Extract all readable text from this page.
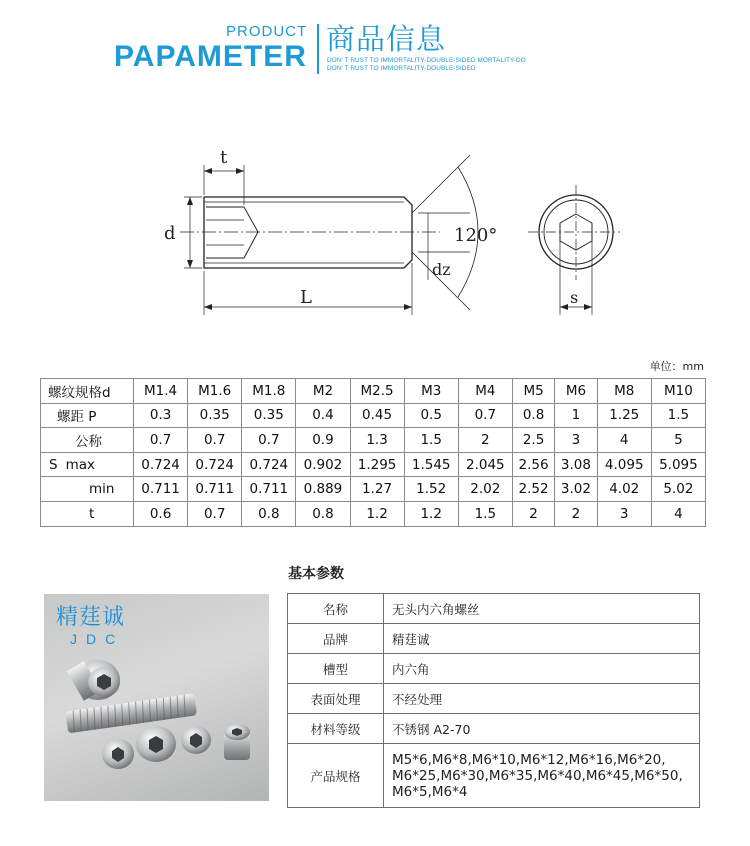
PRODUCT
PAPAMETER
商品信息
DON' T RUST TO IMMORTALITY-DOUBLE-SIDED MORTALITY-DO
DON' T RUST TO IMMORTALITY-DOUBLE-SIDED
t
d	120°
dz
L	s
单位：mm
螺纹规格d	M1.4	M1.6	M1.8	M2	M2.5	M3	M4	M5	M6	M8	M10
螺距 P	0.3	0.35	0.35	0.4	0.45	0.5	0.7	0.8	1	1.25	1.5
公称	0.7	0.7	0.7	0.9	1.3	1.5	2	2.5	3	4	5

S max	0.724	0.724	0.724	0.902	1.295	1.545	2.045	2.56	3.08	4.095	5.095
min	0.711	0.711	0.711	0.889	1.27	1.52	2.02	2.52	3.02	4.02	5.02
t	0.6	0.7	0.8	0.8	1.2	1.2	1.5	2	2	3	4
基本参数
精莛诚
JDC
名称	无头内六角螺丝
品牌	精莛诚
槽型	内六角
表面处理	不经处理
材料等级	不锈钢 A2-70
产品规格	M5*6,M6*8,M6*10,M6*12,M6*16,M6*20, M6*25,M6*30,M6*35,M6*40,M6*45,M6*50, M6*5,M6*4
